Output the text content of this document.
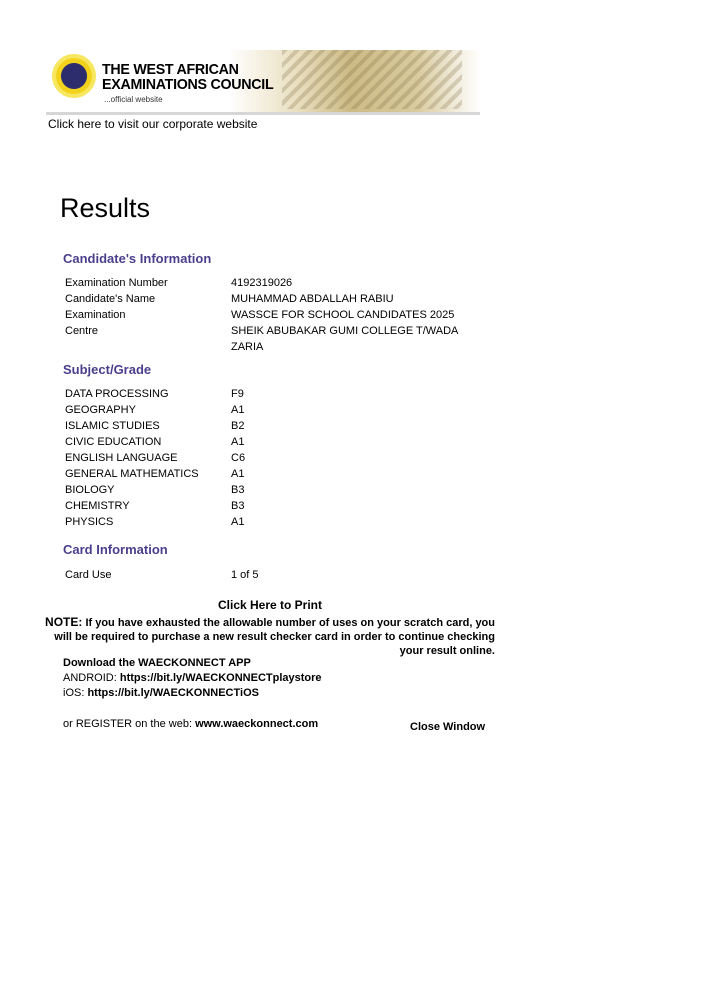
THE WEST AFRICAN
EXAMINATIONS COUNCIL
...official website
Click here to visit our corporate website
Results
Candidate's Information
Examination Number	4192319026
Candidate's Name	MUHAMMAD ABDALLAH RABIU
Examination	WASSCE FOR SCHOOL CANDIDATES 2025
Centre	SHEIK ABUBAKAR GUMI COLLEGE T/WADA ZARIA
Subject/Grade
DATA PROCESSING	F9
GEOGRAPHY	A1
ISLAMIC STUDIES	B2
CIVIC EDUCATION	A1
ENGLISH LANGUAGE	C6
GENERAL MATHEMATICS	A1
BIOLOGY	B3
CHEMISTRY	B3
PHYSICS	A1
Card Information
Card Use	1 of 5
Click Here to Print
NOTE: If you have exhausted the allowable number of uses on your scratch card, you will be required to purchase a new result checker card in order to continue checking your result online.
Download the WAECKONNECT APP
ANDROID: https://bit.ly/WAECKONNECTplaystore
iOS: https://bit.ly/WAECKONNECTiOS
or REGISTER on the web: www.waeckonnect.com	Close Window
